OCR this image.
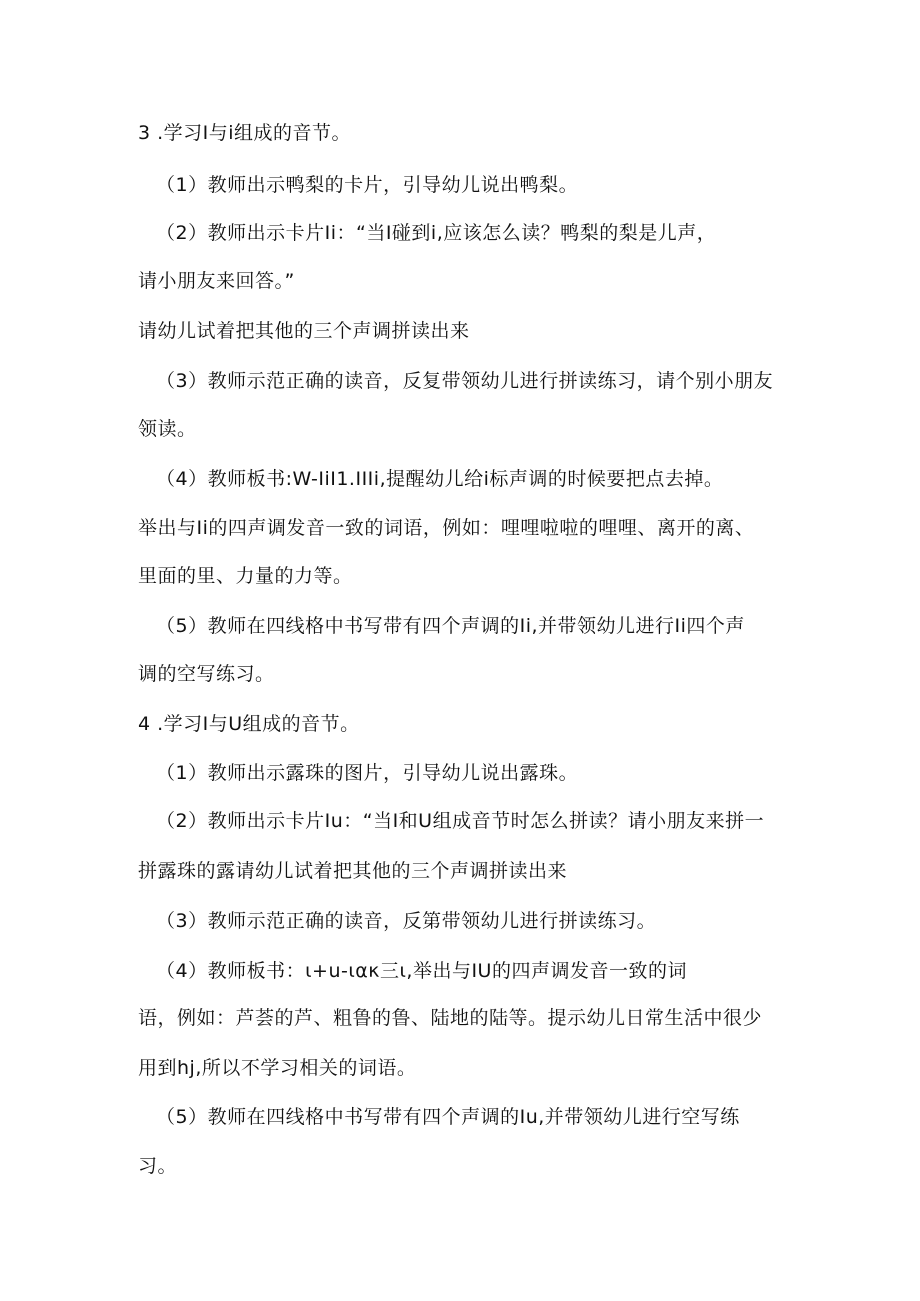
3 .学习I与i组成的音节。
（1）教师出示鸭梨的卡片，引导幼儿说出鸭梨。
（2）教师出示卡片Ii：“当I碰到i,应该怎么读？鸭梨的梨是儿声，
请小朋友来回答。”
请幼儿试着把其他的三个声调拼读出来
（3）教师示范正确的读音，反复带领幼儿进行拼读练习，请个别小朋友
领读。
（4）教师板书:W-IiI1.IIIi,提醒幼儿给i标声调的时候要把点去掉。
举出与Ii的四声调发音一致的词语，例如：哩哩啦啦的哩哩、离开的离、
里面的里、力量的力等。
（5）教师在四线格中书写带有四个声调的Ii,并带领幼儿进行Ii四个声
调的空写练习。
4 .学习I与U组成的音节。
（1）教师出示露珠的图片，引导幼儿说出露珠。
（2）教师出示卡片Iu：“当I和U组成音节时怎么拼读？请小朋友来拼一
拼露珠的露请幼儿试着把其他的三个声调拼读出来
（3）教师示范正确的读音，反第带领幼儿进行拼读练习。
（4）教师板书：ι+u-ιακ三ι,举出与IU的四声调发音一致的词
语，例如：芦荟的芦、粗鲁的鲁、陆地的陆等。提示幼儿日常生活中很少
用到hj,所以不学习相关的词语。
（5）教师在四线格中书写带有四个声调的Iu,并带领幼儿进行空写练
习。
